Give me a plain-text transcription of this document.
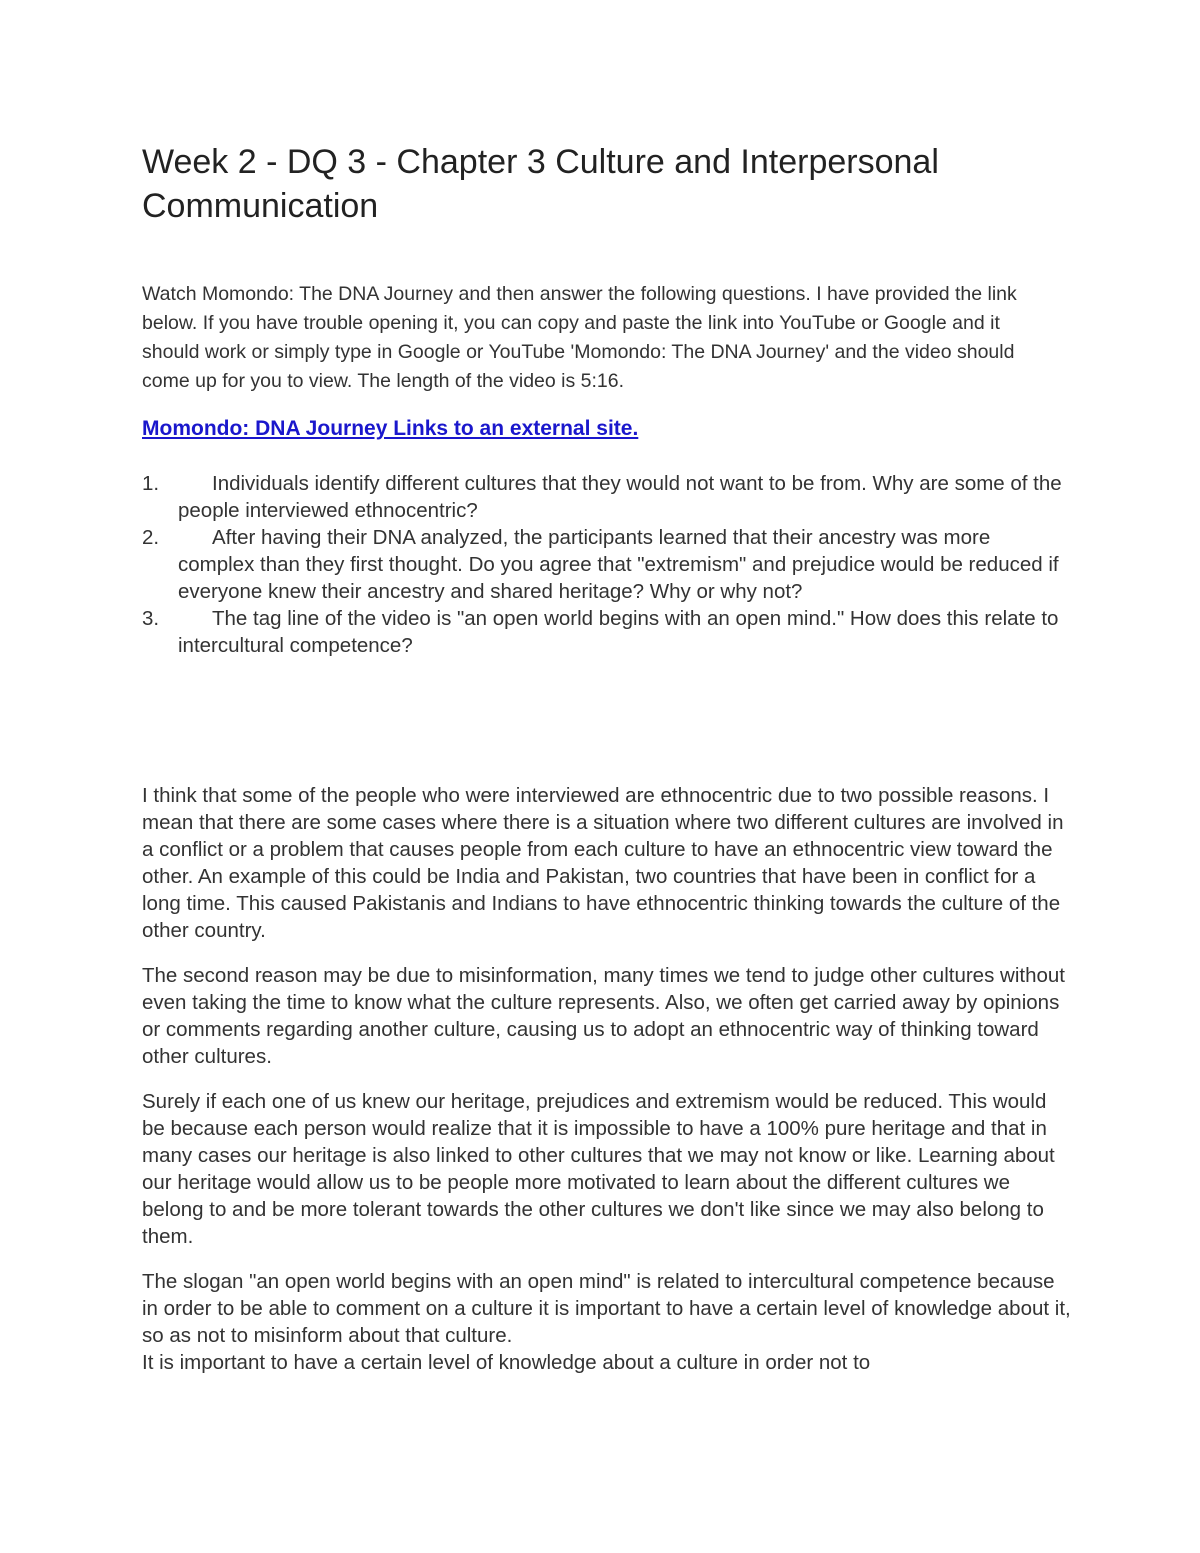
Week 2 - DQ 3 - Chapter 3 Culture and Interpersonal Communication

Watch Momondo: The DNA Journey and then answer the following questions. I have provided the link below. If you have trouble opening it, you can copy and paste the link into YouTube or Google and it should work or simply type in Google or YouTube 'Momondo: The DNA Journey' and the video should come up for you to view. The length of the video is 5:16.

Momondo: DNA Journey Links to an external site.
1.	Individuals identify different cultures that they would not want to be from. Why are some of the people interviewed ethnocentric?
2.	After having their DNA analyzed, the participants learned that their ancestry was more complex than they first thought. Do you agree that "extremism" and prejudice would be reduced if everyone knew their ancestry and shared heritage? Why or why not?
3.	The tag line of the video is "an open world begins with an open mind." How does this relate to intercultural competence?

I think that some of the people who were interviewed are ethnocentric due to two possible reasons. I mean that there are some cases where there is a situation where two different cultures are involved in a conflict or a problem that causes people from each culture to have an ethnocentric view toward the other. An example of this could be India and Pakistan, two countries that have been in conflict for a long time. This caused Pakistanis and Indians to have ethnocentric thinking towards the culture of the other country.

The second reason may be due to misinformation, many times we tend to judge other cultures without even taking the time to know what the culture represents. Also, we often get carried away by opinions or comments regarding another culture, causing us to adopt an ethnocentric way of thinking toward other cultures.

Surely if each one of us knew our heritage, prejudices and extremism would be reduced. This would be because each person would realize that it is impossible to have a 100% pure heritage and that in many cases our heritage is also linked to other cultures that we may not know or like. Learning about our heritage would allow us to be people more motivated to learn about the different cultures we belong to and be more tolerant towards the other cultures we don't like since we may also belong to them.

The slogan "an open world begins with an open mind" is related to intercultural competence because in order to be able to comment on a culture it is important to have a certain level of knowledge about it, so as not to misinform about that culture.

It is important to have a certain level of knowledge about a culture in order not to
